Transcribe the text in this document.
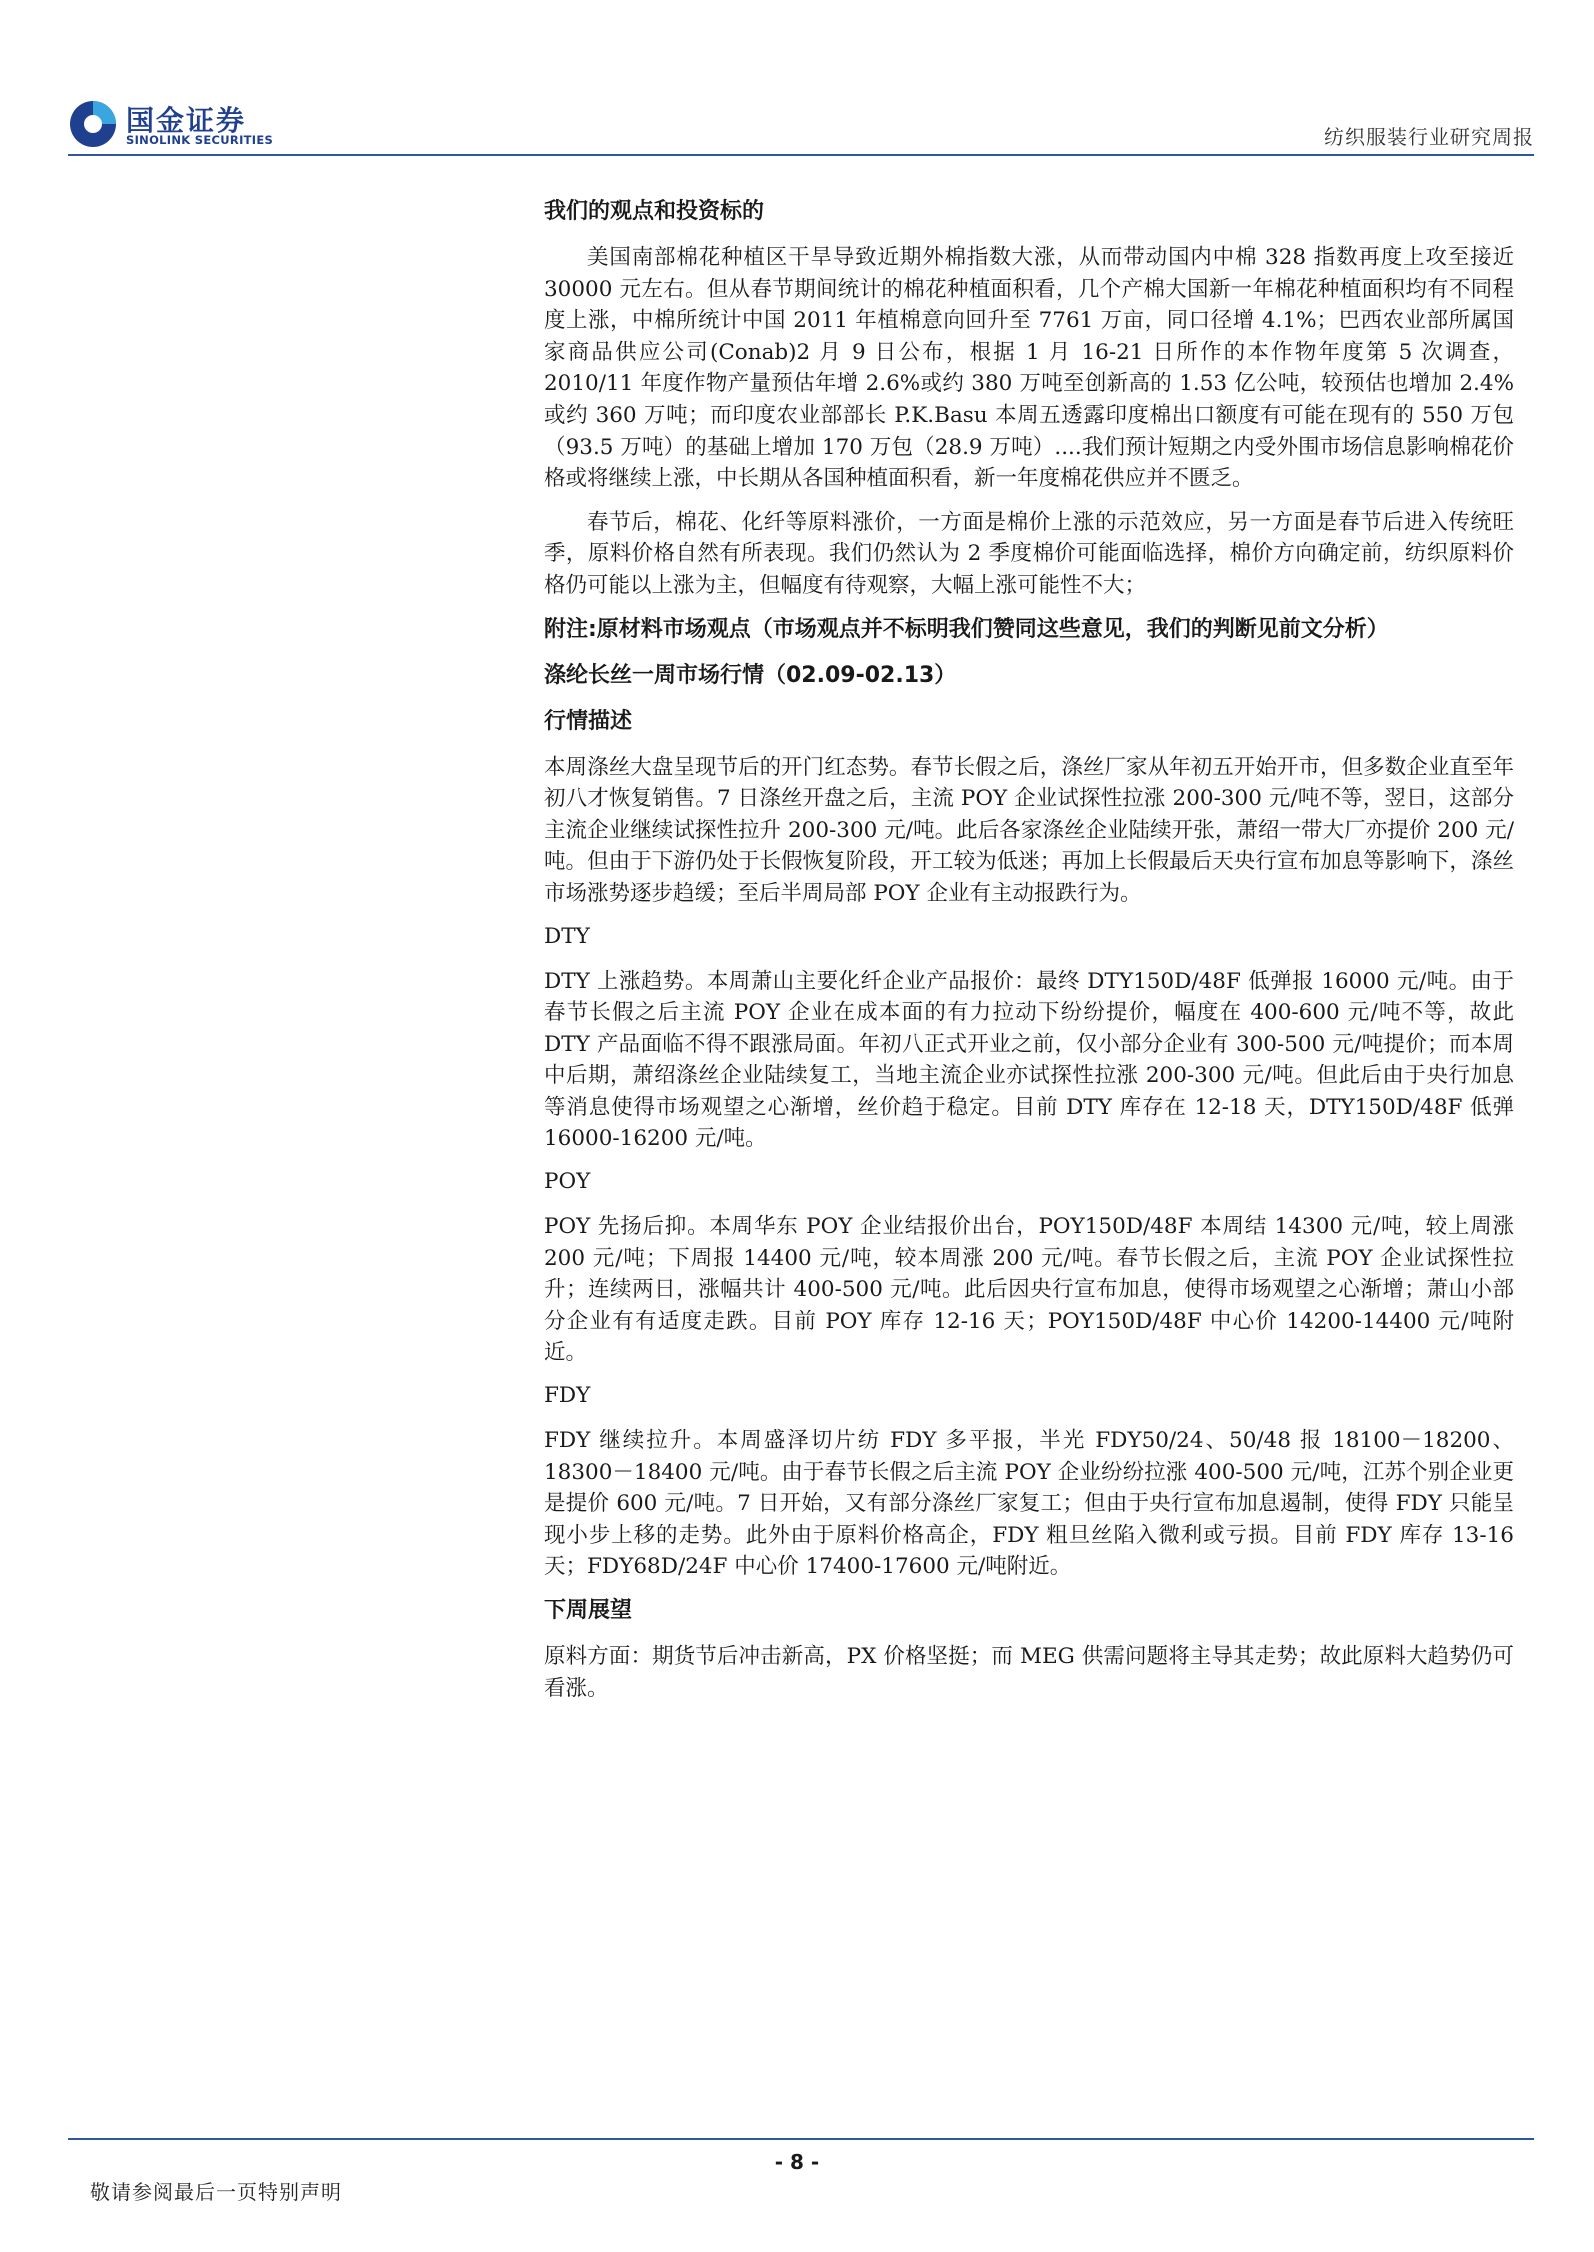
国金证券
SINOLINK SECURITIES	纺织服装行业研究周报
我们的观点和投资标的

美国南部棉花种植区干旱导致近期外棉指数大涨，从而带动国内中棉 328 指数再度上攻至接近 30000 元左右。但从春节期间统计的棉花种植面积看，几个产棉大国新一年棉花种植面积均有不同程度上涨，中棉所统计中国 2011 年植棉意向回升至 7761 万亩，同口径增 4.1%；巴西农业部所属国家商品供应公司(Conab)2 月 9 日公布，根据 1 月 16-21 日所作的本作物年度第 5 次调查，2010/11 年度作物产量预估年增 2.6%或约 380 万吨至创新高的 1.53 亿公吨，较预估也增加 2.4%或约 360 万吨；而印度农业部部长 P.K.Basu 本周五透露印度棉出口额度有可能在现有的 550 万包（93.5 万吨）的基础上增加 170 万包（28.9 万吨）....我们预计短期之内受外围市场信息影响棉花价格或将继续上涨，中长期从各国种植面积看，新一年度棉花供应并不匮乏。

春节后，棉花、化纤等原料涨价，一方面是棉价上涨的示范效应，另一方面是春节后进入传统旺季，原料价格自然有所表现。我们仍然认为 2 季度棉价可能面临选择，棉价方向确定前，纺织原料价格仍可能以上涨为主，但幅度有待观察，大幅上涨可能性不大；

附注:原材料市场观点（市场观点并不标明我们赞同这些意见，我们的判断见前文分析）
涤纶长丝一周市场行情（02.09-02.13）
行情描述

本周涤丝大盘呈现节后的开门红态势。春节长假之后，涤丝厂家从年初五开始开市，但多数企业直至年初八才恢复销售。7 日涤丝开盘之后，主流 POY 企业试探性拉涨 200-300 元/吨不等，翌日，这部分主流企业继续试探性拉升 200-300 元/吨。此后各家涤丝企业陆续开张，萧绍一带大厂亦提价 200 元/吨。但由于下游仍处于长假恢复阶段，开工较为低迷；再加上长假最后天央行宣布加息等影响下，涤丝市场涨势逐步趋缓；至后半周局部 POY 企业有主动报跌行为。

DTY

DTY 上涨趋势。本周萧山主要化纤企业产品报价：最终 DTY150D/48F 低弹报 16000 元/吨。由于春节长假之后主流 POY 企业在成本面的有力拉动下纷纷提价，幅度在 400-600 元/吨不等，故此 DTY 产品面临不得不跟涨局面。年初八正式开业之前，仅小部分企业有 300-500 元/吨提价；而本周中后期，萧绍涤丝企业陆续复工，当地主流企业亦试探性拉涨 200-300 元/吨。但此后由于央行加息等消息使得市场观望之心渐增，丝价趋于稳定。目前 DTY 库存在 12-18 天，DTY150D/48F 低弹 16000-16200 元/吨。

POY

POY 先扬后抑。本周华东 POY 企业结报价出台，POY150D/48F 本周结 14300 元/吨，较上周涨 200 元/吨；下周报 14400 元/吨，较本周涨 200 元/吨。春节长假之后，主流 POY 企业试探性拉升；连续两日，涨幅共计 400-500 元/吨。此后因央行宣布加息，使得市场观望之心渐增；萧山小部分企业有有适度走跌。目前 POY 库存 12-16 天；POY150D/48F 中心价 14200-14400 元/吨附近。

FDY

FDY 继续拉升。本周盛泽切片纺 FDY 多平报，半光 FDY50/24、50/48 报 18100－18200、18300－18400 元/吨。由于春节长假之后主流 POY 企业纷纷拉涨 400-500 元/吨，江苏个别企业更是提价 600 元/吨。7 日开始，又有部分涤丝厂家复工；但由于央行宣布加息遏制，使得 FDY 只能呈现小步上移的走势。此外由于原料价格高企，FDY 粗旦丝陷入微利或亏损。目前 FDY 库存 13-16 天；FDY68D/24F 中心价 17400-17600 元/吨附近。

下周展望

原料方面：期货节后冲击新高，PX 价格坚挺；而 MEG 供需问题将主导其走势；故此原料大趋势仍可看涨。

- 8 -
敬请参阅最后一页特别声明
